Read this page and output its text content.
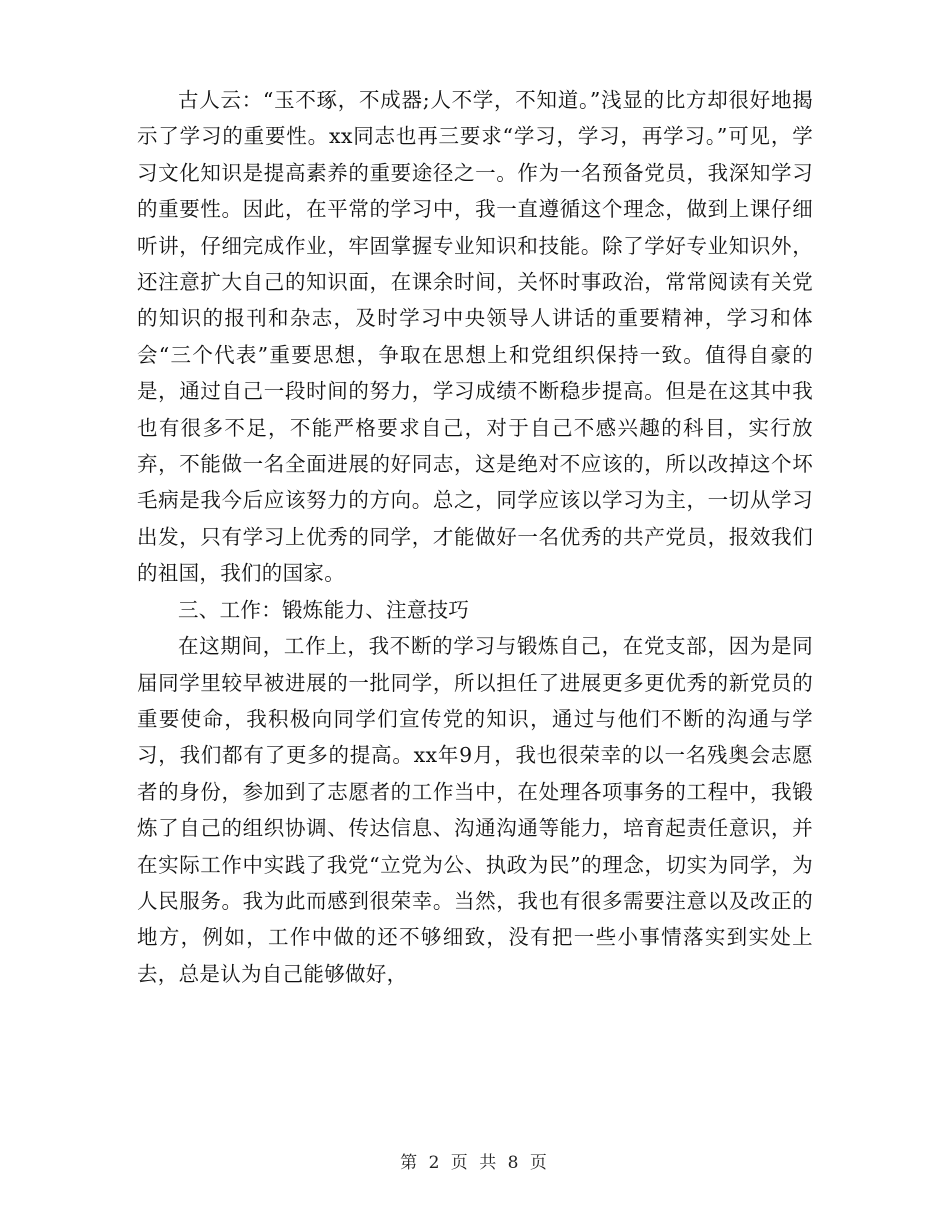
古人云：“玉不琢，不成器;人不学，不知道。”浅显的比方却很好地揭示了学习的重要性。xx同志也再三要求“学习，学习，再学习。”可见，学习文化知识是提高素养的重要途径之一。作为一名预备党员，我深知学习的重要性。因此，在平常的学习中，我一直遵循这个理念，做到上课仔细听讲，仔细完成作业，牢固掌握专业知识和技能。除了学好专业知识外，还注意扩大自己的知识面，在课余时间，关怀时事政治，常常阅读有关党的知识的报刊和杂志，及时学习中央领导人讲话的重要精神，学习和体会“三个代表”重要思想，争取在思想上和党组织保持一致。值得自豪的是，通过自己一段时间的努力，学习成绩不断稳步提高。但是在这其中我也有很多不足，不能严格要求自己，对于自己不感兴趣的科目，实行放弃，不能做一名全面进展的好同志，这是绝对不应该的，所以改掉这个坏毛病是我今后应该努力的方向。总之，同学应该以学习为主，一切从学习出发，只有学习上优秀的同学，才能做好一名优秀的共产党员，报效我们的祖国，我们的国家。

三、工作：锻炼能力、注意技巧

在这期间，工作上，我不断的学习与锻炼自己，在党支部，因为是同届同学里较早被进展的一批同学，所以担任了进展更多更优秀的新党员的重要使命，我积极向同学们宣传党的知识，通过与他们不断的沟通与学习，我们都有了更多的提高。xx年9月，我也很荣幸的以一名残奥会志愿者的身份，参加到了志愿者的工作当中，在处理各项事务的工程中，我锻炼了自己的组织协调、传达信息、沟通沟通等能力，培育起责任意识，并在实际工作中实践了我党“立党为公、执政为民”的理念，切实为同学，为人民服务。我为此而感到很荣幸。当然，我也有很多需要注意以及改正的地方，例如，工作中做的还不够细致，没有把一些小事情落实到实处上去，总是认为自己能够做好，

第 2 页 共 8 页
